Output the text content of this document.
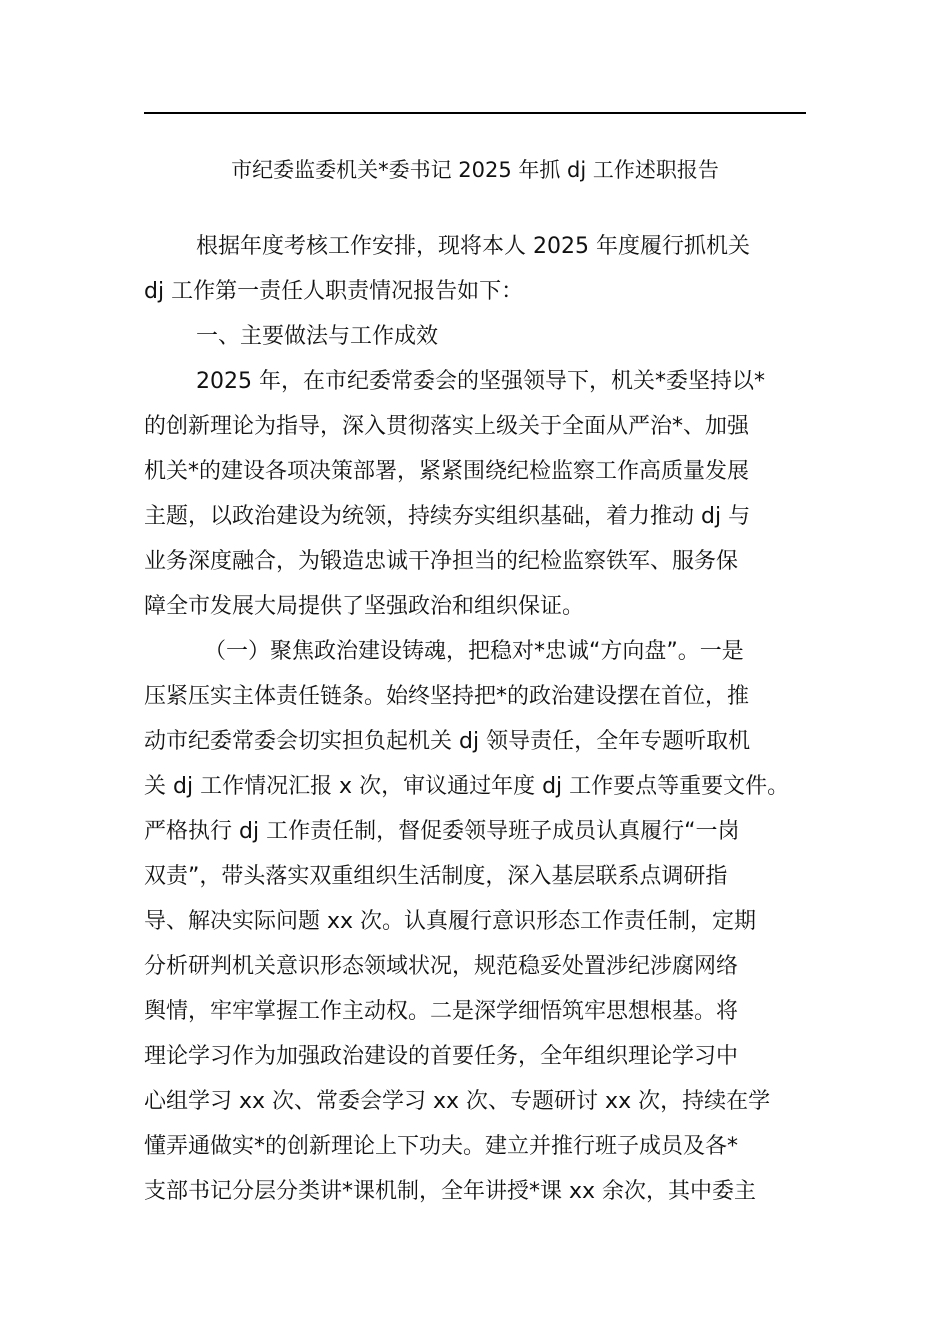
市纪委监委机关*委书记 2025 年抓 dj 工作述职报告
根据年度考核工作安排，现将本人 2025 年度履行抓机关
dj 工作第一责任人职责情况报告如下：
一、主要做法与工作成效
2025 年，在市纪委常委会的坚强领导下，机关*委坚持以*
的创新理论为指导，深入贯彻落实上级关于全面从严治*、加强
机关*的建设各项决策部署，紧紧围绕纪检监察工作高质量发展
主题，以政治建设为统领，持续夯实组织基础，着力推动 dj 与
业务深度融合，为锻造忠诚干净担当的纪检监察铁军、服务保
障全市发展大局提供了坚强政治和组织保证。
（一）聚焦政治建设铸魂，把稳对*忠诚“方向盘”。一是
压紧压实主体责任链条。始终坚持把*的政治建设摆在首位，推
动市纪委常委会切实担负起机关 dj 领导责任，全年专题听取机
关 dj 工作情况汇报 x 次，审议通过年度 dj 工作要点等重要文件。
严格执行 dj 工作责任制，督促委领导班子成员认真履行“一岗
双责”，带头落实双重组织生活制度，深入基层联系点调研指
导、解决实际问题 xx 次。认真履行意识形态工作责任制，定期
分析研判机关意识形态领域状况，规范稳妥处置涉纪涉腐网络
舆情，牢牢掌握工作主动权。二是深学细悟筑牢思想根基。将
理论学习作为加强政治建设的首要任务，全年组织理论学习中
心组学习 xx 次、常委会学习 xx 次、专题研讨 xx 次，持续在学
懂弄通做实*的创新理论上下功夫。建立并推行班子成员及各*
支部书记分层分类讲*课机制，全年讲授*课 xx 余次，其中委主
